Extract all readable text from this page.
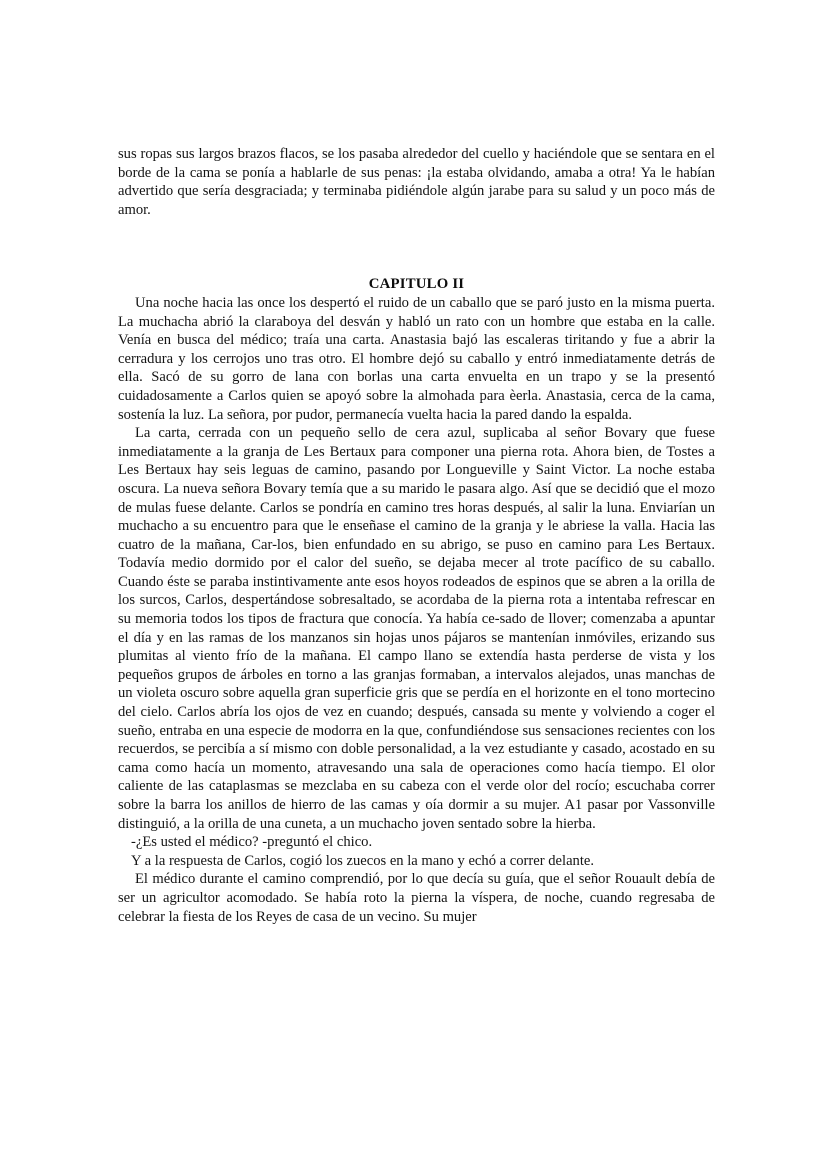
sus ropas sus largos brazos flacos, se los pasaba alrededor del cuello y haciéndole que se sentara en el borde de la cama se ponía a hablarle de sus penas: ¡la estaba olvidando, amaba a otra! Ya le habían advertido que sería desgraciada; y terminaba pidiéndole algún jarabe para su salud y un poco más de amor.

CAPITULO II

Una noche hacia las once los despertó el ruido de un caballo que se paró justo en la misma puerta. La muchacha abrió la claraboya del desván y habló un rato con un hombre que estaba en la calle. Venía en busca del médico; traía una carta. Anastasia bajó las escaleras tiritando y fue a abrir la cerradura y los cerrojos uno tras otro. El hombre dejó su caballo y entró inmediatamente detrás de ella. Sacó de su gorro de lana con borlas una carta envuelta en un trapo y se la presentó cuidadosamente a Carlos quien se apoyó sobre la almohada para èerla. Anastasia, cerca de la cama, sostenía la luz. La señora, por pudor, permanecía vuelta hacia la pared dando la espalda.

La carta, cerrada con un pequeño sello de cera azul, suplicaba al señor Bovary que fuese inmediatamente a la granja de Les Bertaux para componer una pierna rota. Ahora bien, de Tostes a Les Bertaux hay seis leguas de camino, pasando por Longueville y Saint Victor. La noche estaba oscura. La nueva señora Bovary temía que a su marido le pasara algo. Así que se decidió que el mozo de mulas fuese delante. Carlos se pondría en camino tres horas después, al salir la luna. Enviarían un muchacho a su encuentro para que le enseñase el camino de la granja y le abriese la valla. Hacia las cuatro de la mañana, Car-los, bien enfundado en su abrigo, se puso en camino para Les Bertaux. Todavía medio dormido por el calor del sueño, se dejaba mecer al trote pacífico de su caballo. Cuando éste se paraba instintivamente ante esos hoyos rodeados de espinos que se abren a la orilla de los surcos, Carlos, despertándose sobresaltado, se acordaba de la pierna rota a intentaba refrescar en su memoria todos los tipos de fractura que conocía. Ya había ce-sado de llover; comenzaba a apuntar el día y en las ramas de los manzanos sin hojas unos pájaros se mantenían inmóviles, erizando sus plumitas al viento frío de la mañana. El campo llano se extendía hasta perderse de vista y los pequeños grupos de árboles en torno a las granjas formaban, a intervalos alejados, unas manchas de un violeta oscuro sobre aquella gran superficie gris que se perdía en el horizonte en el tono mortecino del cielo. Carlos abría los ojos de vez en cuando; después, cansada su mente y volviendo a coger el sueño, entraba en una especie de modorra en la que, confundiéndose sus sensaciones recientes con los recuerdos, se percibía a sí mismo con doble personalidad, a la vez estudiante y casado, acostado en su cama como hacía un momento, atravesando una sala de operaciones como hacía tiempo. El olor caliente de las cataplasmas se mezclaba en su cabeza con el verde olor del rocío; escuchaba correr sobre la barra los anillos de hierro de las camas y oía dormir a su mujer. A1 pasar por Vassonville distinguió, a la orilla de una cuneta, a un muchacho joven sentado sobre la hierba.

-¿Es usted el médico? -preguntó el chico.

Y a la respuesta de Carlos, cogió los zuecos en la mano y echó a correr delante.

El médico durante el camino comprendió, por lo que decía su guía, que el señor Rouault debía de ser un agricultor acomodado. Se había roto la pierna la víspera, de noche, cuando regresaba de celebrar la fiesta de los Reyes de casa de un vecino. Su mujer
